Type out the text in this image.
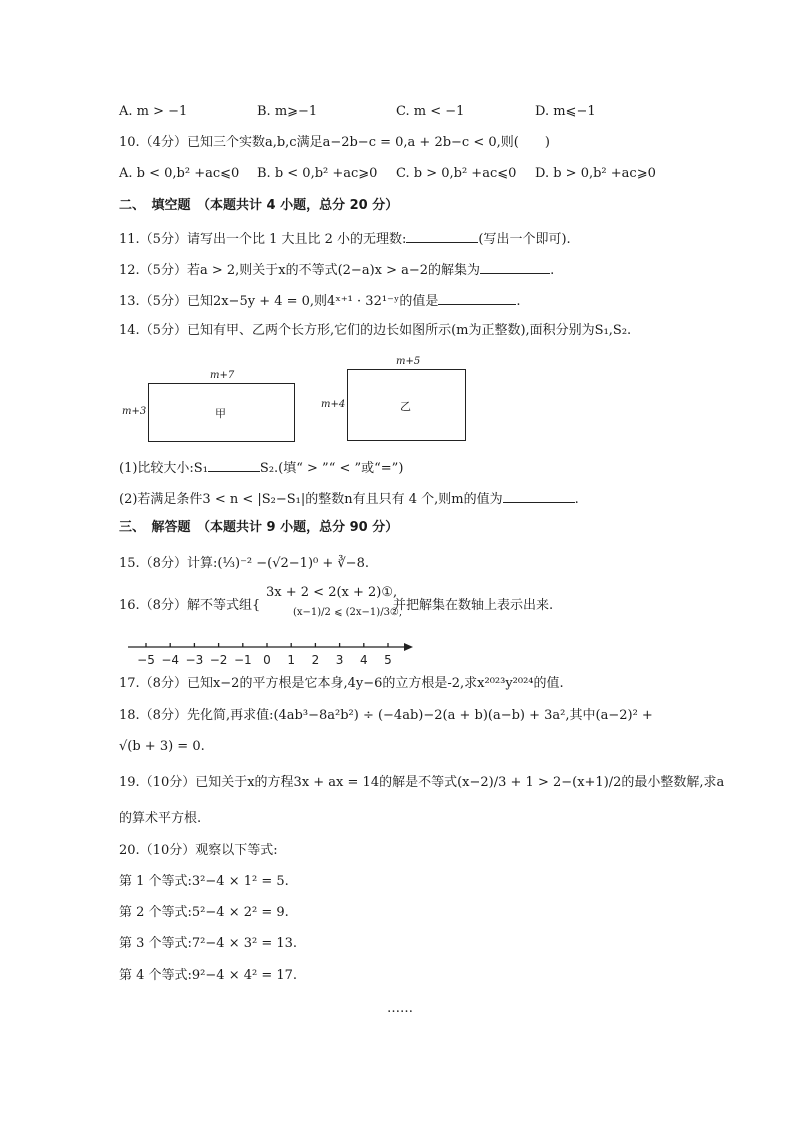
A. m > −1	B. m⩾−1	C. m < −1	D. m⩽−1
10.（4分）已知三个实数a,b,c满足a−2b−c = 0,a + 2b−c < 0,则(　　)
A. b < 0,b² +ac⩽0 B. b < 0,b² +ac⩾0 C. b > 0,b² +ac⩽0 D. b > 0,b² +ac⩾0
二、　填空题　（本题共计 4 小题，总分 20 分）
11.（5分）请写出一个比 1 大且比 2 小的无理数:	(写出一个即可).
12.（5分）若a > 2,则关于x的不等式(2−a)x > a−2的解集为	.
13.（5分）已知2x−5y + 4 = 0,则4ˣ⁺¹ · 32¹⁻ʸ的值是	.
14.（5分）已知有甲、乙两个长方形,它们的边长如图所示(m为正整数),面积分别为S₁,S₂.
m+7
m+3	甲
m+5
m+4	乙
(1)比较大小:S₁	S₂.(填“ > ”“ < ”或“=”)
(2)若满足条件3 < n < |S₂−S₁|的整数n有且只有 4 个,则m的值为	.
三、　解答题　（本题共计 9 小题，总分 90 分）
15.（8分）计算:(⅓)⁻² −(√2−1)⁰ + ∛−8.
16.（8分）解不等式组{
3x + 2 < 2(x + 2)①,
(x−1)/2 ⩽ (2x−1)/3②,
并把解集在数轴上表示出来.
−5 −4 −3 −2 −1 0 1 2 3 4 5
17.（8分）已知x−2的平方根是它本身,4y−6的立方根是-2,求x²⁰²³y²⁰²⁴的值.
18.（8分）先化简,再求值:(4ab³−8a²b²) ÷ (−4ab)−2(a + b)(a−b) + 3a²,其中(a−2)² +
√(b + 3) = 0.
19.（10分）已知关于x的方程3x + ax = 14的解是不等式(x−2)/3 + 1 > 2−(x+1)/2的最小整数解,求a
的算术平方根.
20.（10分）观察以下等式:
第 1 个等式:3²−4 × 1² = 5.
第 2 个等式:5²−4 × 2² = 9.
第 3 个等式:7²−4 × 3² = 13.
第 4 个等式:9²−4 × 4² = 17.
……
